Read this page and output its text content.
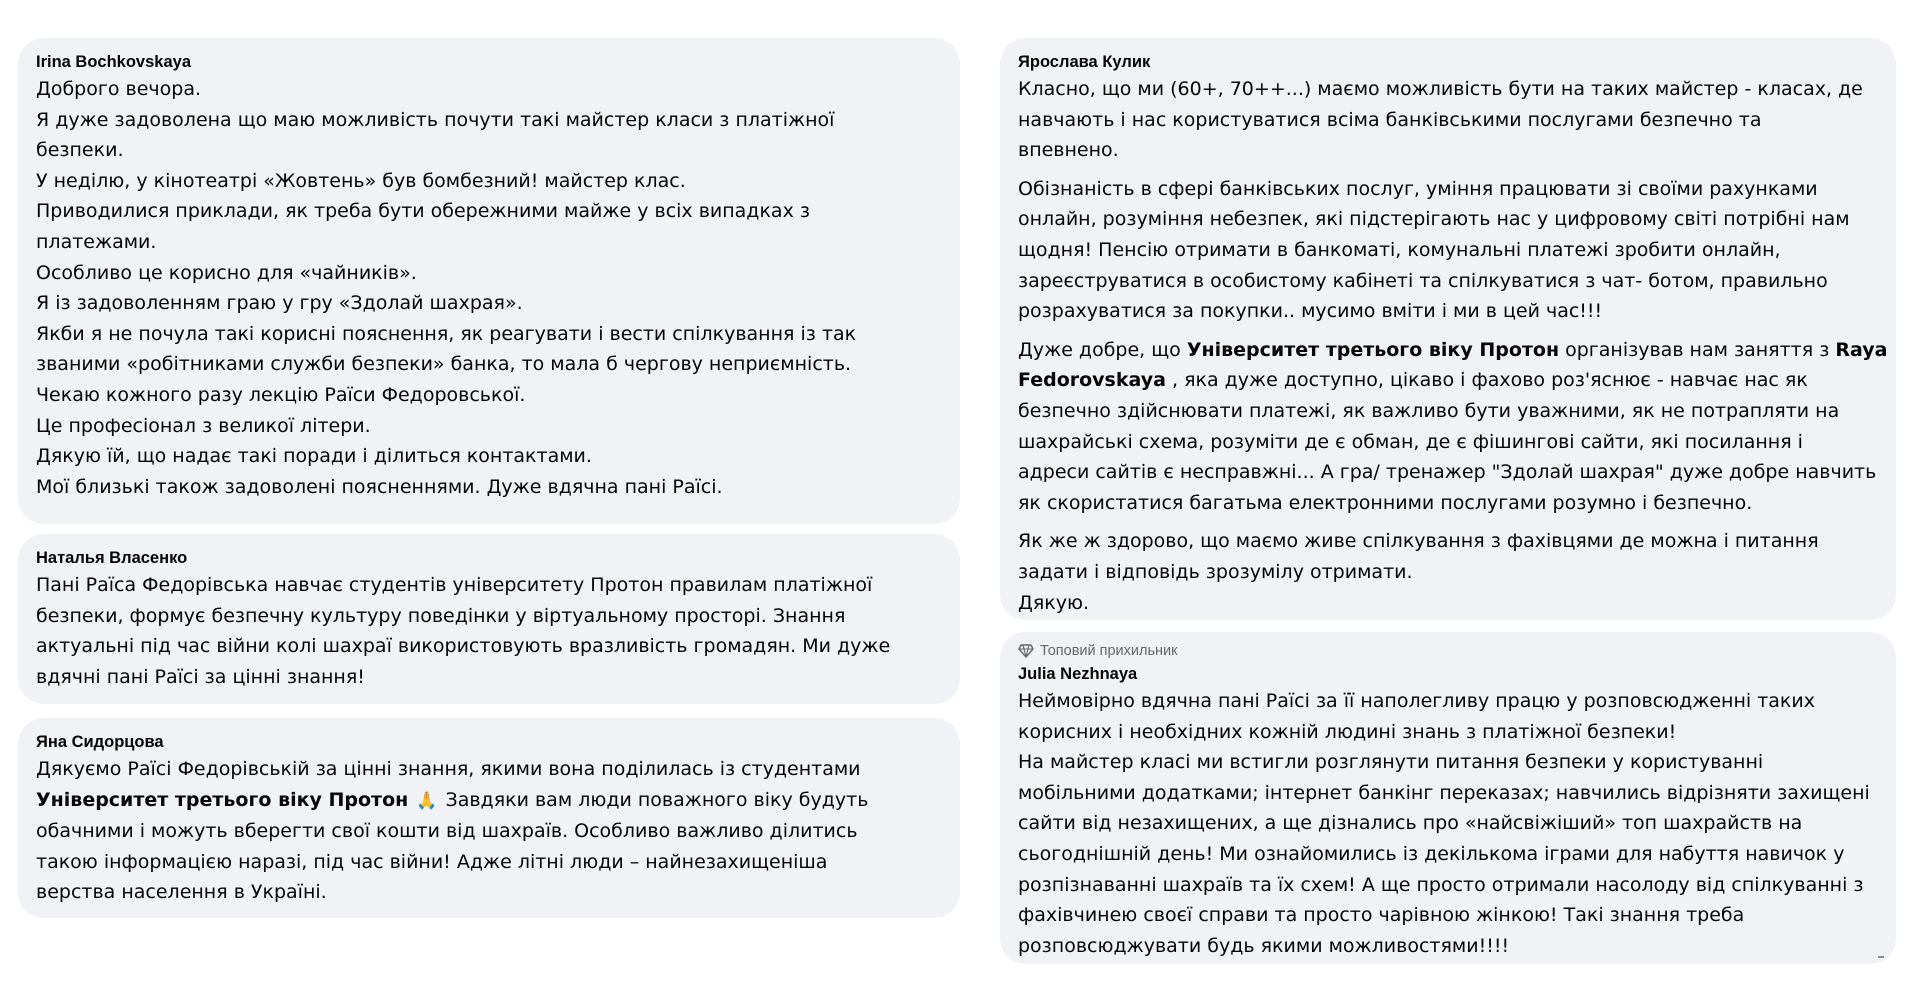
Irina Bochkovskaya
Доброго вечора.
Я дуже задоволена що маю можливість почути такі майстер класи з платіжної
безпеки.
У неділю, у кінотеатрі «Жовтень» був бомбезний! майстер клас.
Приводилися приклади, як треба бути обережними майже у всіх випадках з
платежами.
Особливо це корисно для «чайників».
Я із задоволенням граю у гру «Здолай шахрая».
Якби я не почула такі корисні пояснення, як реагувати і вести спілкування із так
званими «робітниками служби безпеки» банка, то мала б чергову неприємність.
Чекаю кожного разу лекцію Раїси Федоровської.
Це професіонал з великої літери.
Дякую їй, що надає такі поради і ділиться контактами.
Мої близькі також задоволені поясненнями. Дуже вдячна пані Раїсі.
Наталья Власенко
Пані Раїса Федорівська навчає студентів університету Протон правилам платіжної
безпеки, формує безпечну культуру поведінки у віртуальному просторі. Знання
актуальні під час війни колі шахраї використовують вразливість громадян. Ми дуже
вдячні пані Раїсі за цінні знання!
Яна Сидорцова
Дякуємо Раїсі Федорівській за цінні знання, якими вона поділилась із студентами
Університет третього віку Протон 🙏 Завдяки вам люди поважного віку будуть
обачними і можуть вберегти свої кошти від шахраїв. Особливо важливо ділитись
такою інформацією наразі, під час війни! Адже літні люди – найнезахищеніша
верства населення в Україні.
Ярослава Кулик
Класно, що ми (60+, 70++...) маємо можливість бути на таких майстер - класах, де
навчають і нас користуватися всіма банківськими послугами безпечно та
впевнено.
Обізнаність в сфері банківських послуг, уміння працювати зі своїми рахунками
онлайн, розуміння небезпек, які підстерігають нас у цифровому світі потрібні нам
щодня! Пенсію отримати в банкоматі, комунальні платежі зробити онлайн,
зареєструватися в особистому кабінеті та спілкуватися з чат- ботом, правильно
розрахуватися за покупки.. мусимо вміти і ми в цей час!!!
Дуже добре, що Університет третього віку Протон організував нам заняття з Raya
Fedorovskaya , яка дуже доступно, цікаво і фахово роз'яснює - навчає нас як
безпечно здійснювати платежі, як важливо бути уважними, як не потрапляти на
шахрайські схема, розуміти де є обман, де є фішингові сайти, які посилання і
адреси сайтів є несправжні... А гра/ тренажер "Здолай шахрая" дуже добре навчить
як скористатися багатьма електронними послугами розумно і безпечно.
Як же ж здорово, що маємо живе спілкування з фахівцями де можна і питання
задати і відповідь зрозумілу отримати.
Дякую.
Топовий прихильник
Julia Nezhnaya
Неймовірно вдячна пані Раїсі за її наполегливу працю у розповсюдженні таких
корисних і необхідних кожній людині знань з платіжної безпеки!
На майстер класі ми встигли розглянути питання безпеки у користуванні
мобільними додатками; інтернет банкінг переказах; навчились відрізняти захищені
сайти від незахищених, а ще дізнались про «найсвіжіший» топ шахрайств на
сьогоднішній день! Ми ознайомились із декількома іграми для набуття навичок у
розпізнаванні шахраїв та їх схем! А ще просто отримали насолоду від спілкуванні з
фахівчинею своєї справи та просто чарівною жінкою! Такі знання треба
розповсюджувати будь якими можливостями!!!!
